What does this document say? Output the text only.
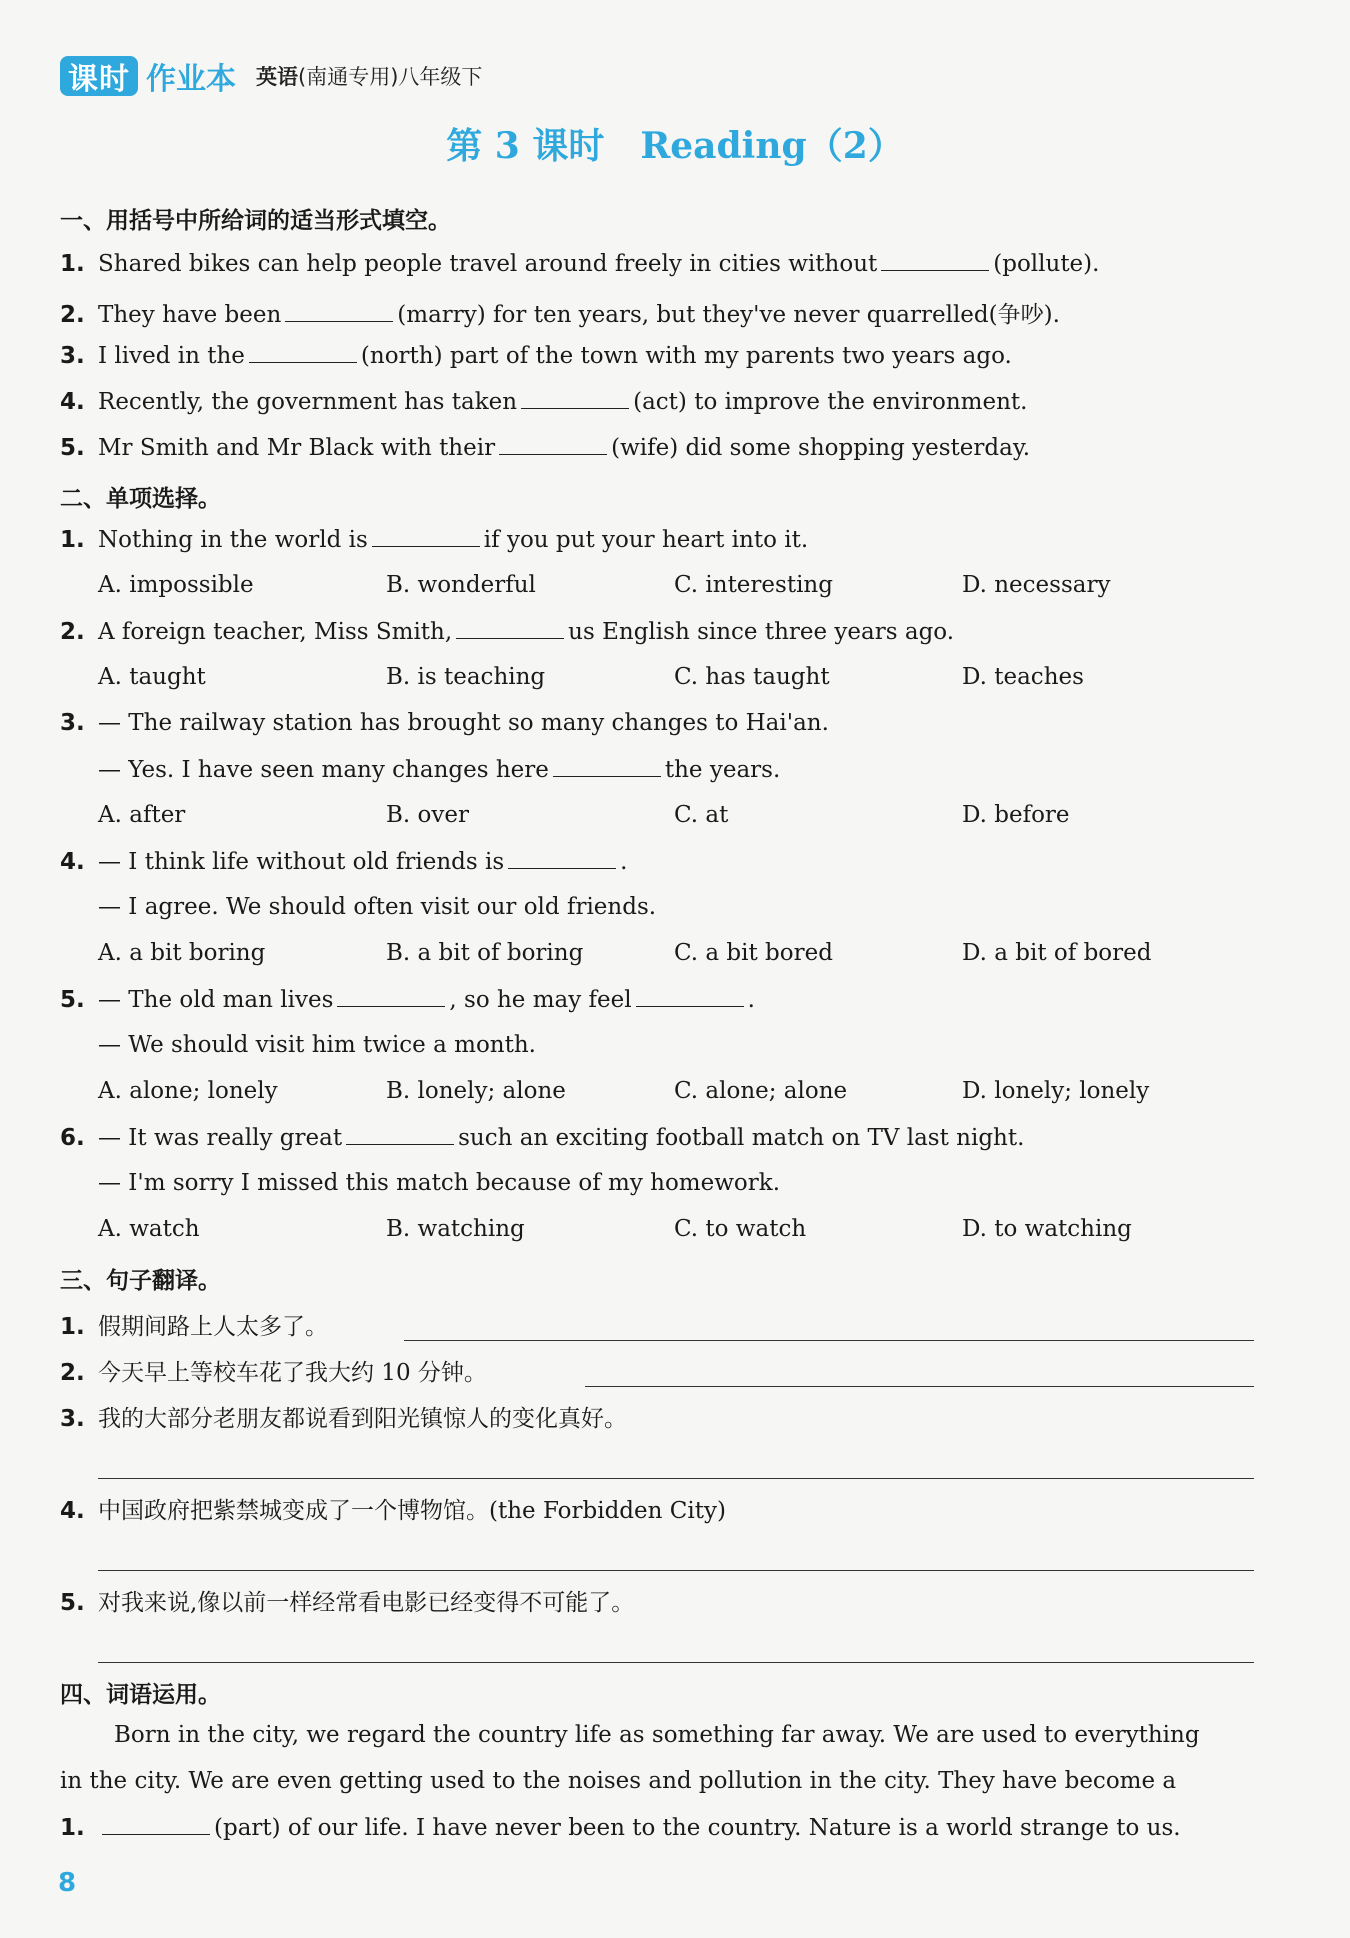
课时 作业本 英语(南通专用)八年级下
第 3 课时　Reading（2）
一、用括号中所给词的适当形式填空。
1. Shared bikes can help people travel around freely in cities without	(pollute).
2. They have been	(marry) for ten years, but they've never quarrelled(争吵).
3. I lived in the	(north) part of the town with my parents two years ago.
4. Recently, the government has taken	(act) to improve the environment.
5. Mr Smith and Mr Black with their	(wife) did some shopping yesterday.
二、单项选择。
1. Nothing in the world is	if you put your heart into it.
A. impossible	B. wonderful	C. interesting	D. necessary
2. A foreign teacher, Miss Smith,	us English since three years ago.
A. taught	B. is teaching	C. has taught	D. teaches
3. — The railway station has brought so many changes to Hai'an.
— Yes. I have seen many changes here	the years.
A. after	B. over	C. at	D. before
4. — I think life without old friends is	.
— I agree. We should often visit our old friends.
A. a bit boring	B. a bit of boring	C. a bit bored	D. a bit of bored
5. — The old man lives	, so he may feel	.
— We should visit him twice a month.
A. alone; lonely	B. lonely; alone	C. alone; alone	D. lonely; lonely
6. — It was really great	such an exciting football match on TV last night.
— I'm sorry I missed this match because of my homework.
A. watch	B. watching	C. to watch	D. to watching
三、句子翻译。
1. 假期间路上人太多了。
2. 今天早上等校车花了我大约 10 分钟。
3. 我的大部分老朋友都说看到阳光镇惊人的变化真好。
4. 中国政府把紫禁城变成了一个博物馆。(the Forbidden City)
5. 对我来说,像以前一样经常看电影已经变得不可能了。
四、词语运用。
Born in the city, we regard the country life as something far away. We are used to everything
in the city. We are even getting used to the noises and pollution in the city. They have become a
1.	(part) of our life. I have never been to the country. Nature is a world strange to us.
8
